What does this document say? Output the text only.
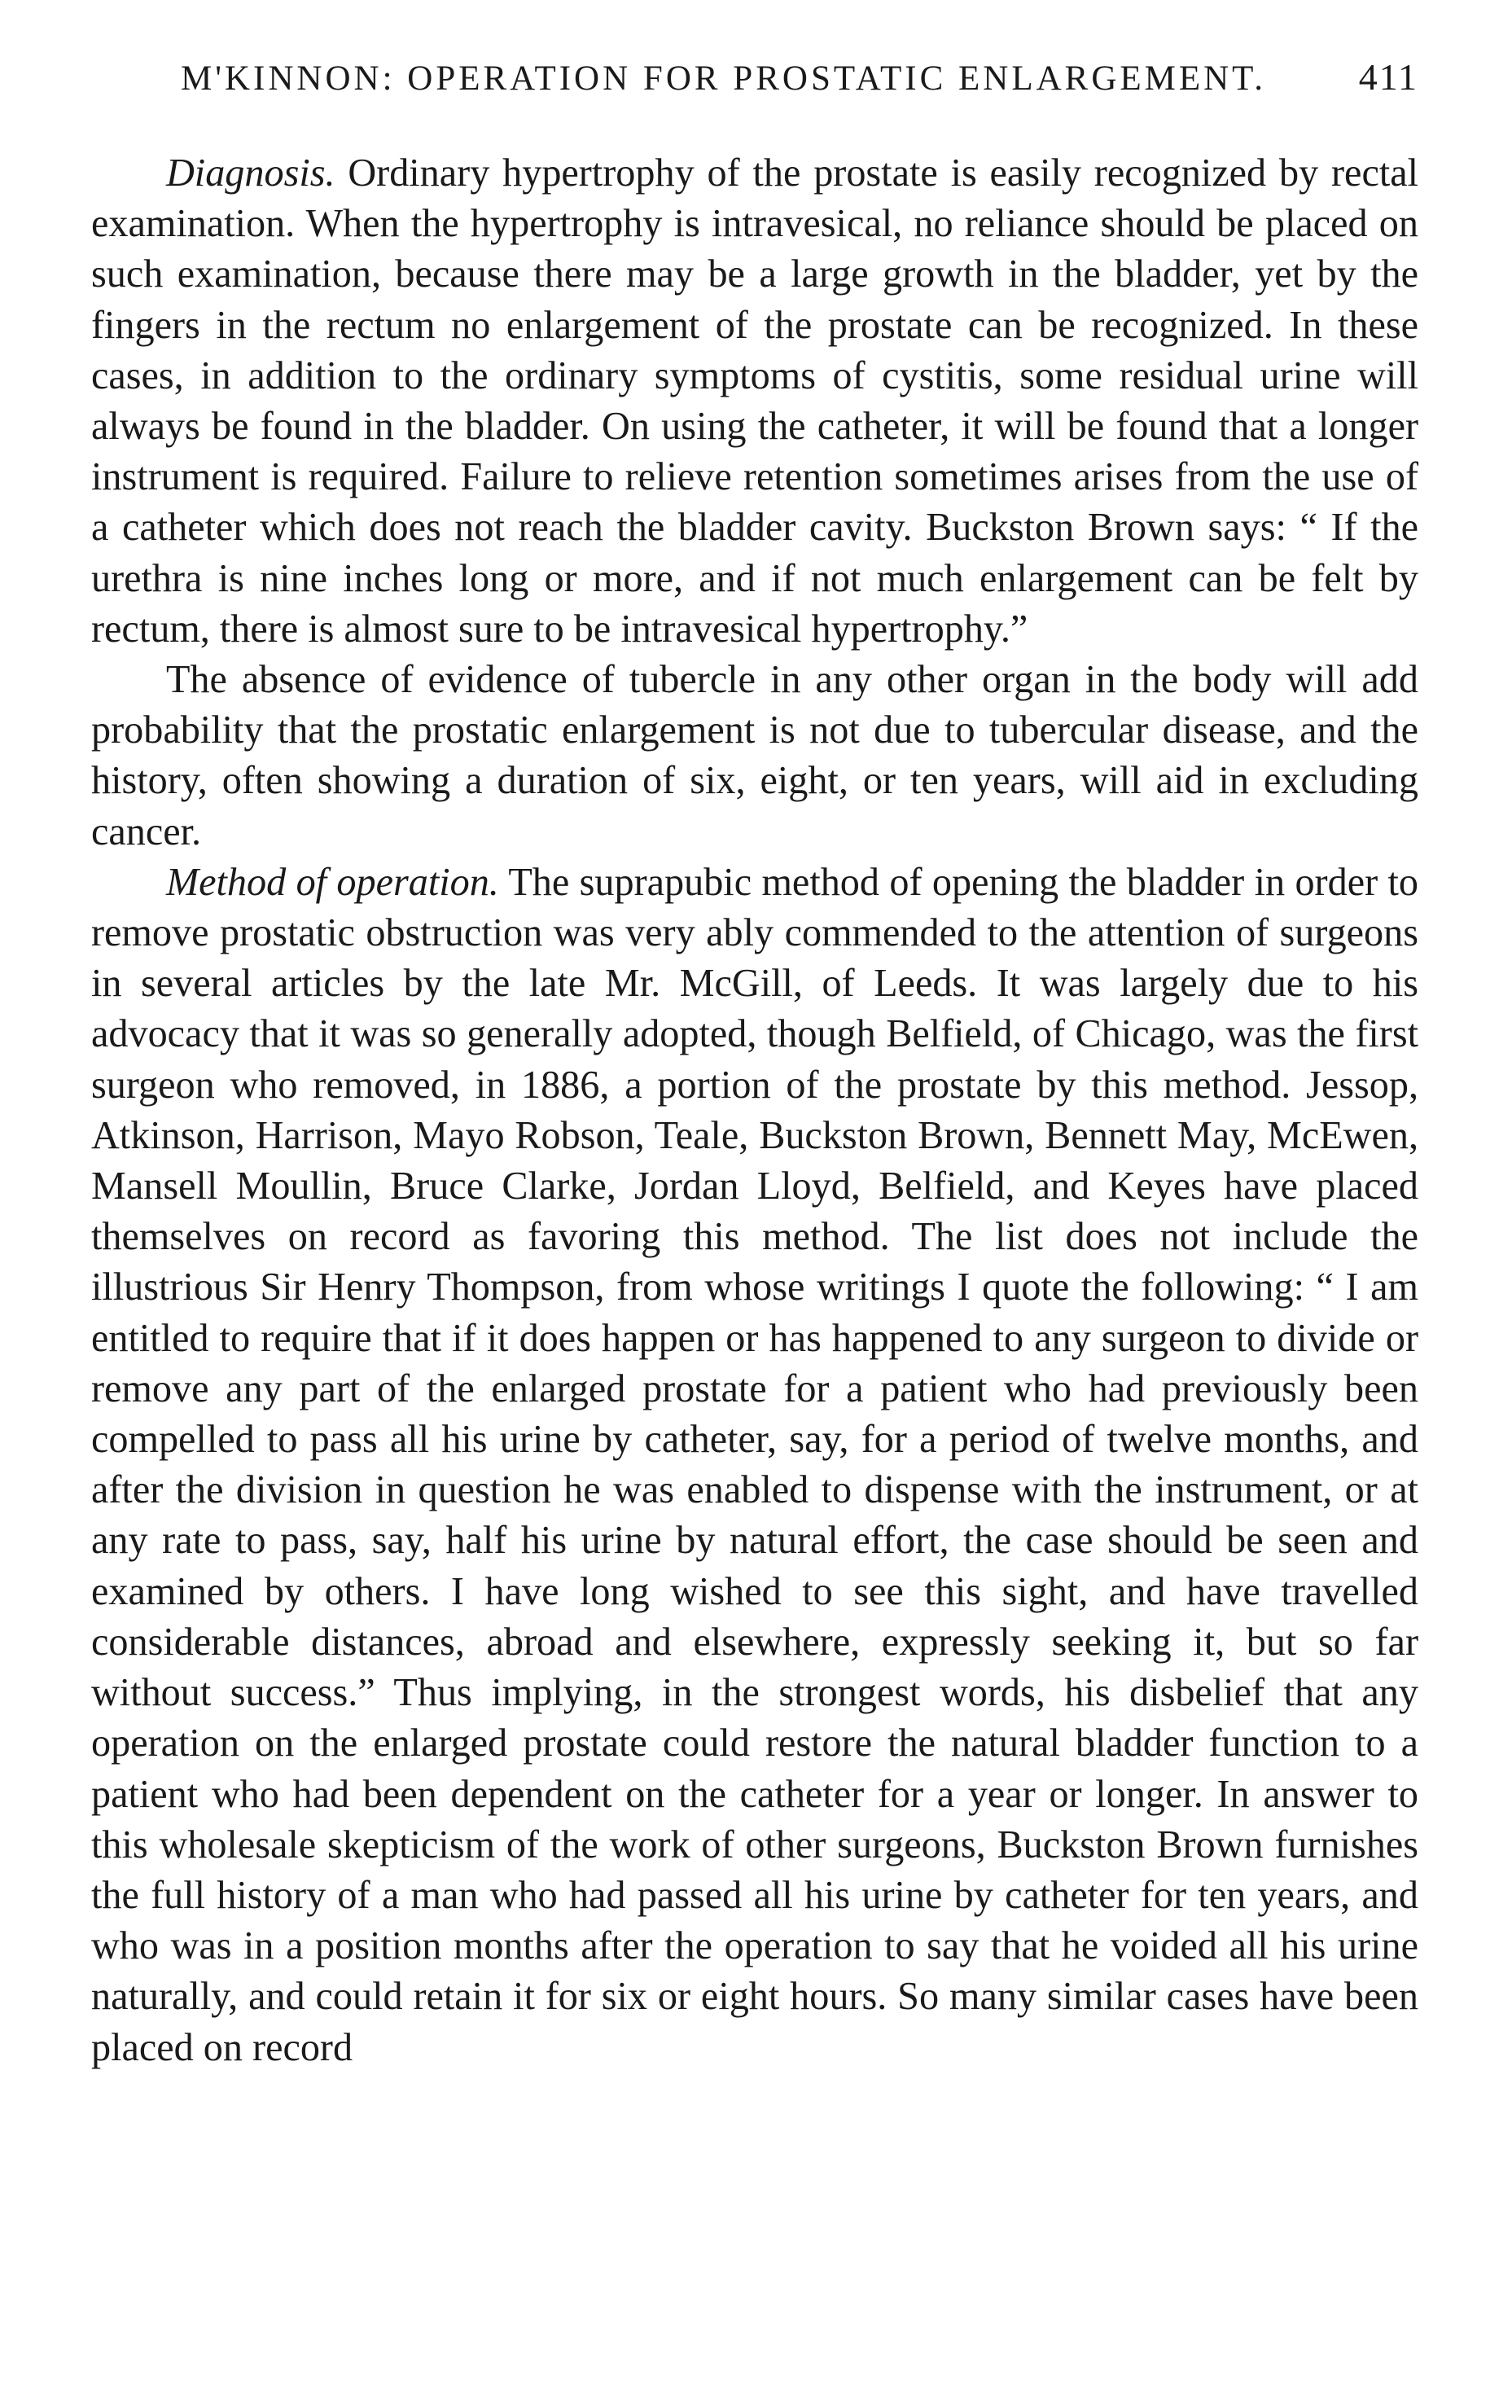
M'KINNON: OPERATION FOR PROSTATIC ENLARGEMENT. 411

Diagnosis. Ordinary hypertrophy of the prostate is easily recognized by rectal examination. When the hypertrophy is intravesical, no reliance should be placed on such examination, because there may be a large growth in the bladder, yet by the fingers in the rectum no enlargement of the prostate can be recognized. In these cases, in addition to the ordinary symptoms of cystitis, some residual urine will always be found in the bladder. On using the catheter, it will be found that a longer instrument is required. Failure to relieve retention sometimes arises from the use of a catheter which does not reach the bladder cavity. Buckston Brown says: “ If the urethra is nine inches long or more, and if not much enlargement can be felt by rectum, there is almost sure to be intravesical hypertrophy.”

The absence of evidence of tubercle in any other organ in the body will add probability that the prostatic enlargement is not due to tubercular disease, and the history, often showing a duration of six, eight, or ten years, will aid in excluding cancer.

Method of operation. The suprapubic method of opening the bladder in order to remove prostatic obstruction was very ably commended to the attention of surgeons in several articles by the late Mr. McGill, of Leeds. It was largely due to his advocacy that it was so generally adopted, though Belfield, of Chicago, was the first surgeon who removed, in 1886, a portion of the prostate by this method. Jessop, Atkinson, Harrison, Mayo Robson, Teale, Buckston Brown, Bennett May, McEwen, Mansell Moullin, Bruce Clarke, Jordan Lloyd, Belfield, and Keyes have placed themselves on record as favoring this method. The list does not include the illustrious Sir Henry Thompson, from whose writings I quote the following: “ I am entitled to require that if it does happen or has happened to any surgeon to divide or remove any part of the enlarged prostate for a patient who had previously been compelled to pass all his urine by catheter, say, for a period of twelve months, and after the division in question he was enabled to dispense with the instrument, or at any rate to pass, say, half his urine by natural effort, the case should be seen and examined by others. I have long wished to see this sight, and have travelled considerable distances, abroad and elsewhere, expressly seeking it, but so far without success.” Thus implying, in the strongest words, his disbelief that any operation on the enlarged prostate could restore the natural bladder function to a patient who had been dependent on the catheter for a year or longer. In answer to this wholesale skepticism of the work of other surgeons, Buckston Brown furnishes the full history of a man who had passed all his urine by catheter for ten years, and who was in a position months after the operation to say that he voided all his urine naturally, and could retain it for six or eight hours. So many similar cases have been placed on record
